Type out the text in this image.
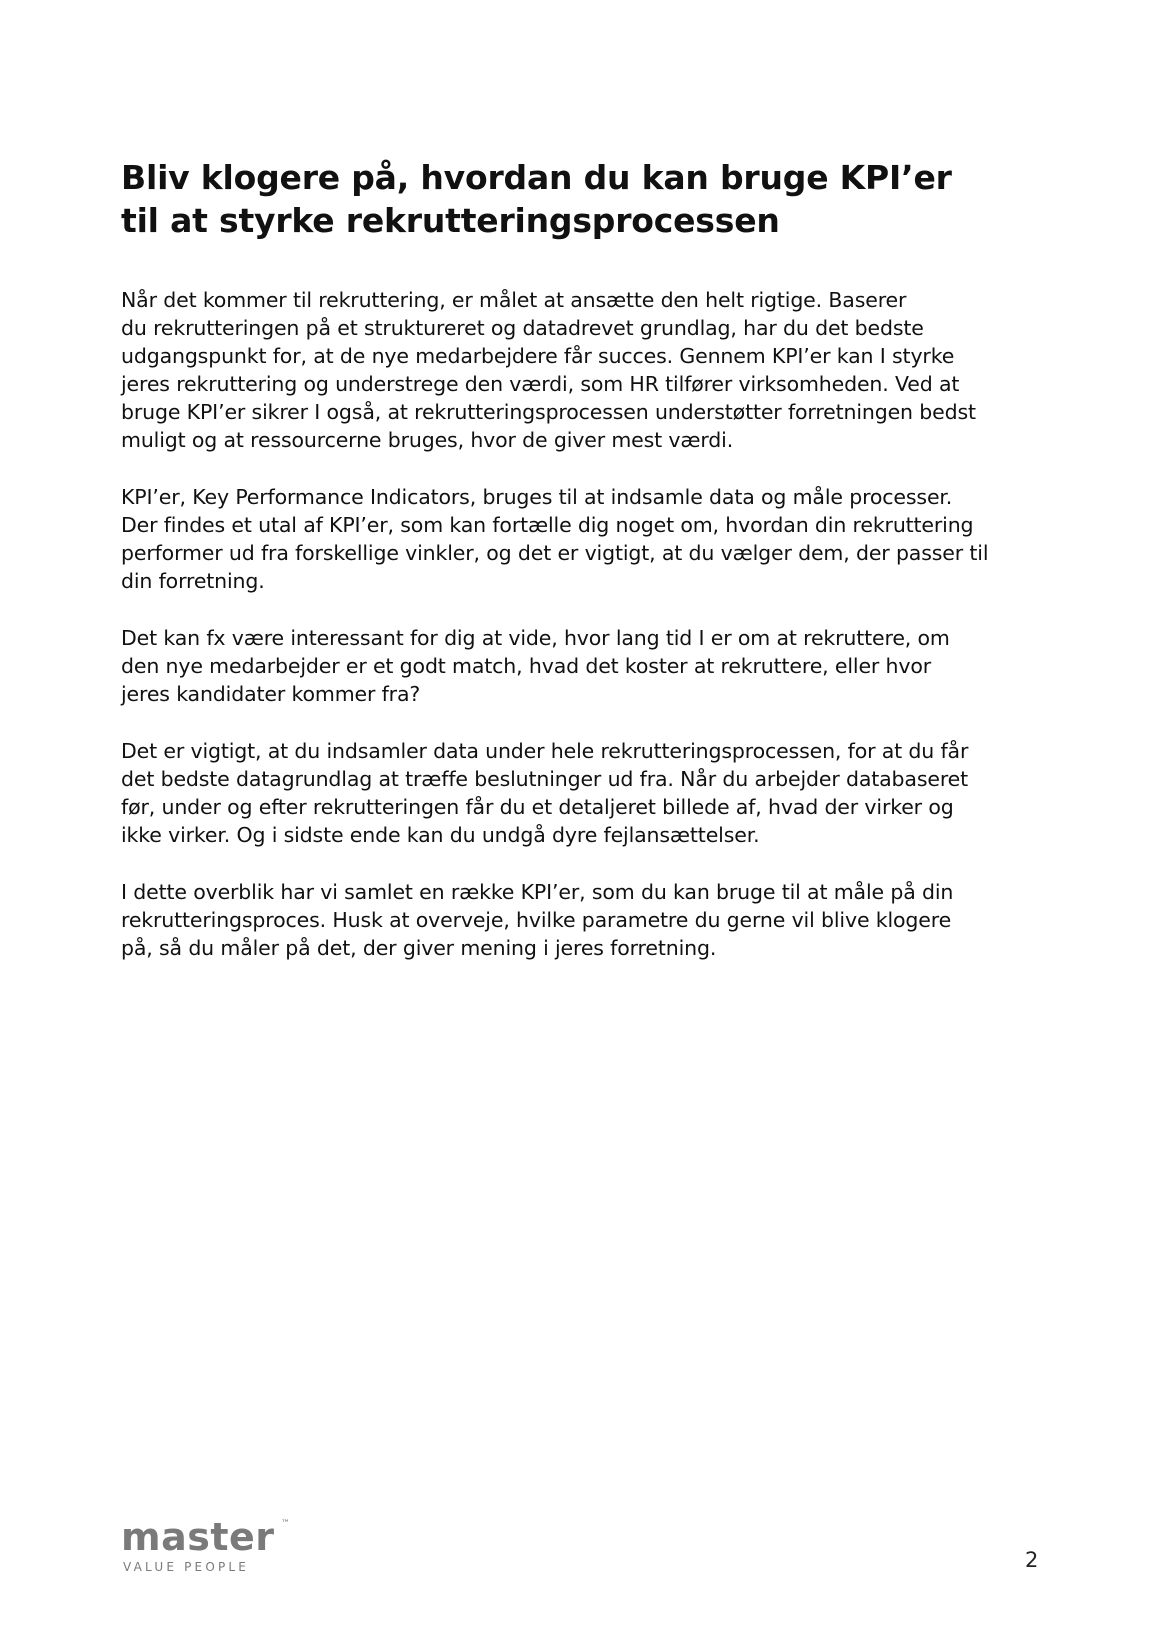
Bliv klogere på, hvordan du kan bruge KPI’er
til at styrke rekrutteringsprocessen

Når det kommer til rekruttering, er målet at ansætte den helt rigtige. Baserer
du rekrutteringen på et struktureret og datadrevet grundlag, har du det bedste
udgangspunkt for, at de nye medarbejdere får succes. Gennem KPI’er kan I styrke
jeres rekruttering og understrege den værdi, som HR tilfører virksomheden. Ved at
bruge KPI’er sikrer I også, at rekrutteringsprocessen understøtter forretningen bedst
muligt og at ressourcerne bruges, hvor de giver mest værdi.

KPI’er, Key Performance Indicators, bruges til at indsamle data og måle processer.
Der findes et utal af KPI’er, som kan fortælle dig noget om, hvordan din rekruttering
performer ud fra forskellige vinkler, og det er vigtigt, at du vælger dem, der passer til
din forretning.

Det kan fx være interessant for dig at vide, hvor lang tid I er om at rekruttere, om
den nye medarbejder er et godt match, hvad det koster at rekruttere, eller hvor
jeres kandidater kommer fra?

Det er vigtigt, at du indsamler data under hele rekrutteringsprocessen, for at du får
det bedste datagrundlag at træffe beslutninger ud fra. Når du arbejder databaseret
før, under og efter rekrutteringen får du et detaljeret billede af, hvad der virker og
ikke virker. Og i sidste ende kan du undgå dyre fejlansættelser.

I dette overblik har vi samlet en række KPI’er, som du kan bruge til at måle på din
rekrutteringsproces. Husk at overveje, hvilke parametre du gerne vil blive klogere
på, så du måler på det, der giver mening i jeres forretning.

master ™
VALUE PEOPLE	2
